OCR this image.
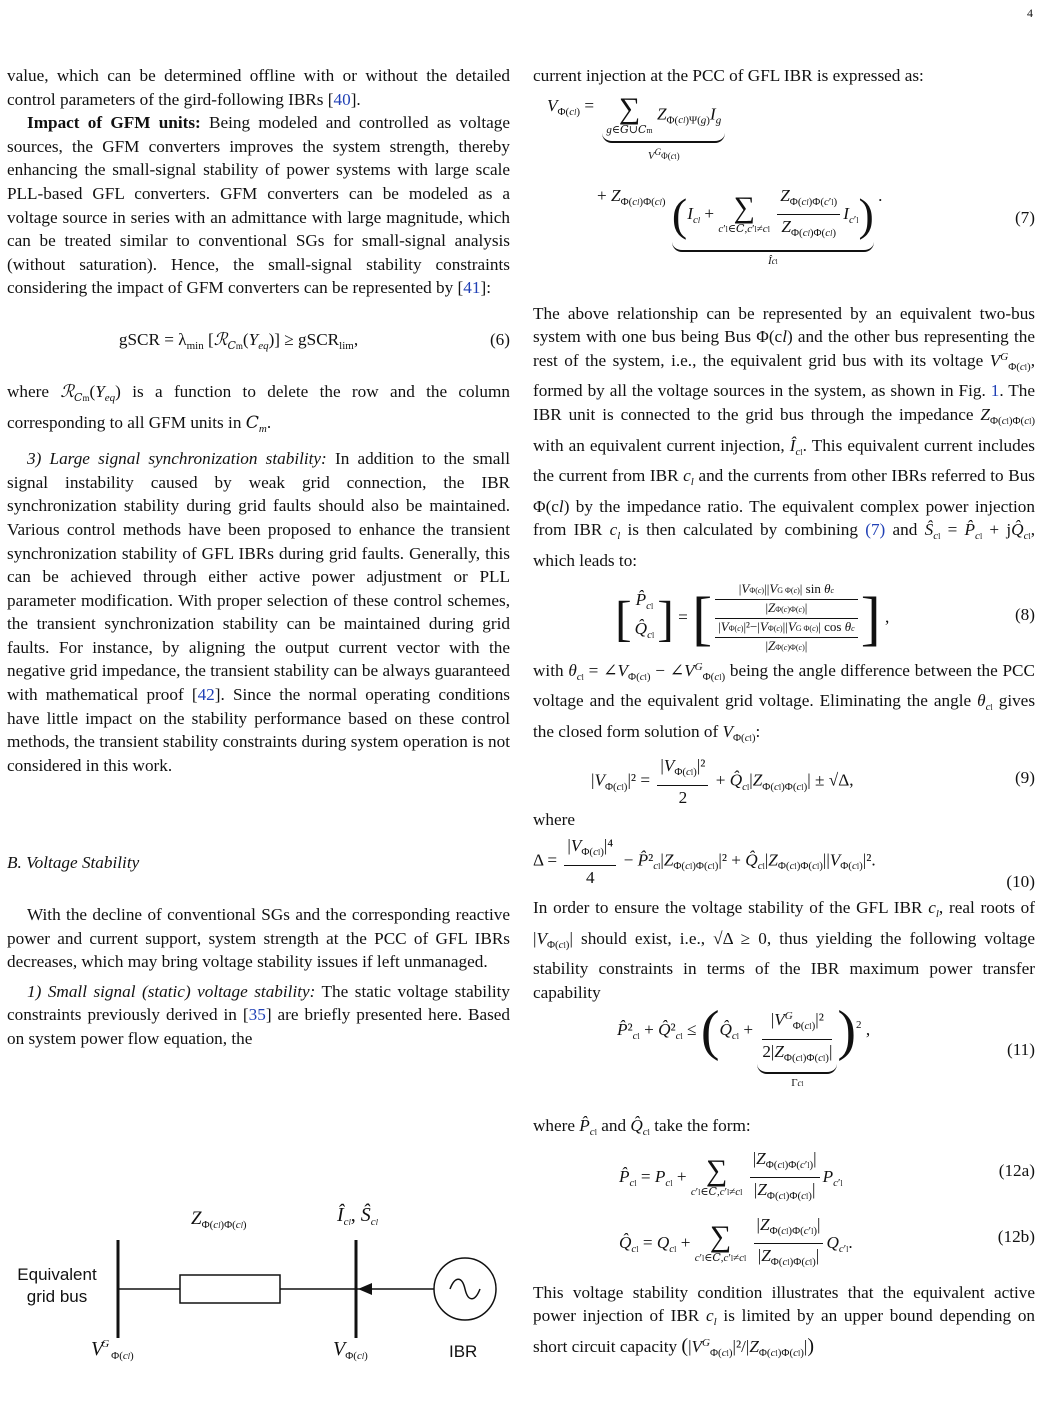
4

value, which can be determined offline with or without the detailed control parameters of the gird-following IBRs [40].

Impact of GFM units: Being modeled and controlled as voltage sources, the GFM converters improves the system strength, thereby enhancing the small-signal stability of power systems with large scale PLL-based GFL converters. GFM converters can be modeled as a voltage source in series with an admittance with large magnitude, which can be treated similar to conventional SGs for small-signal analysis (without saturation). Hence, the small-signal stability constraints considering the impact of GFM converters can be represented by [41]:

gSCR = $\lambda_{min}$ $[ℛ_{Cm}(Y_{eq})]$ ≥ gSCR$_{lim}$,	(6)

where $ℛ_{Cm}(Y_{eq})$ is a function to delete the row and the column corresponding to all GFM units in $C_m$.

3) Large signal synchronization stability: In addition to the small signal instability caused by weak grid connection, the IBR synchronization stability during grid faults should also be maintained. Various control methods have been proposed to enhance the transient synchronization stability of GFL IBRs during grid faults. Generally, this can be achieved through either active power adjustment or PLL parameter modification. With proper selection of these control schemes, the transient synchronization stability can be maintained during grid faults. For instance, by aligning the output current vector with the negative grid impedance, the transient stability can be always guaranteed with mathematical proof [42]. Since the normal operating conditions have little impact on the stability performance based on these control methods, the transient stability constraints during system operation is not considered in this work.

B. Voltage Stability

With the decline of conventional SGs and the corresponding reactive power and current support, system strength at the PCC of GFL IBRs decreases, which may bring voltage stability issues if left unmanaged.

1) Small signal (static) voltage stability: The static voltage stability constraints previously derived in [35] are briefly presented here. Based on system power flow equation, the

$Z_{\Phi(cl)\Phi(cl)}$	$Î_{cl}$, $Ŝ_{cl}$
Equivalent
grid bus
$V_{G\Phi(cl)}$	$V_{\Phi(cl)}$	IBR

current injection at the PCC of GFL IBR is expressed as:

$V_{\Phi(cl)}$ = ∑
g∈G∪Cm
$Z_{\Phi(cl)\Psi(g)}I_g$
$V^G\Phi(cl)$
+ $Z_{\Phi(cl)\Phi(cl)}$ ($I_{cl}$ + ∑
c′l∈C,c′l≠cl
$\frac{Z_{\Phi(cl)\Phi(c'l)}}{Z_{\Phi(cl)\Phi(cl)}} I_{c'l}$)
Îcl
.
(7)

The above relationship can be represented by an equivalent two-bus system with one bus being Bus Φ(cl) and the other bus representing the rest of the system, i.e., the equivalent grid bus with its voltage $V_{G\Phi(cl)}$, formed by all the voltage sources in the system, as shown in Fig. 1. The IBR unit is connected to the grid bus through the impedance $Z_{\Phi(cl)\Phi(cl)}$ with an equivalent current injection, $Î_{cl}$. This equivalent current includes the current from IBR $c_l$ and the currents from other IBRs referred to Bus Φ(cl) by the impedance ratio. The equivalent complex power injection from IBR $c_l$ is then calculated by combining (7) and $Ŝ_{cl}$ = $P̂_{cl}$ + $jQ̂_{cl}$, which leads to:

[ $P̂_{cl}$
$Q̂_{cl}$ ] = [	|VΦ(c)||VG Φ(c)| sin θc
|ZΦ(c)Φ(c)|
|VΦ(c)|²−|VΦ(c)||VG Φ(c)| cos θc
|ZΦ(c)Φ(c)| ] ,	(8)

with $\theta_{cl}$ = $\angle V_{\Phi(cl)}$ − $\angle V_{G\Phi(cl)}$ being the angle difference between the PCC voltage and the equivalent grid voltage. Eliminating the angle $\theta_{cl}$ gives the closed form solution of $V_{\Phi(cl)}$:

$|V_{\Phi(cl)}|^2 = \frac{|V_{\Phi(cl)}|^2}{2}$ + $Q̂_{cl}|Z_{\Phi(cl)\Phi(cl)}| \pm √\Delta$,	(9)

where

$\Delta = \frac{|V_{\Phi(cl)}|^4}{4}$ − $P̂^2_{cl}|Z_{\Phi(cl)\Phi(cl)}|^2$ + $Q̂_{cl}|Z_{\Phi(cl)\Phi(cl)}||V_{\Phi(cl)}|^2$.
(10)

In order to ensure the voltage stability of the GFL IBR $c_l$, real roots of $|V_{\Phi(cl)}|$ should exist, i.e., √Δ ≥ 0, thus yielding the following voltage stability constraints in terms of the IBR maximum power transfer capability

$P̂^2_{cl}$ + $Q̂^2_{cl}$ ≤ ($Q̂_{cl} + \frac{|V_{G\Phi(cl)}|^2}{2|Z_{\Phi(cl)\Phi(cl)}|}$
Γcl
)$^2$ ,
(11)

where $P̂_{cl}$ and $Q̂_{cl}$ take the form:

$P̂_{cl} = P_{cl}$ + ∑
c′l∈C,c′l≠cl
$\frac{|Z_{\Phi(cl)\Phi(c'l)}|}{|Z_{\Phi(cl)\Phi(cl)}|} P_{c'l}$
(12a)
$Q̂_{cl} = Q_{cl}$ + ∑
c′l∈C,c′l≠cl
$\frac{|Z_{\Phi(cl)\Phi(c'l)}|}{|Z_{\Phi(cl)\Phi(cl)}|} Q_{c'l}$.	(12b)

This voltage stability condition illustrates that the equivalent active power injection of IBR $c_l$ is limited by an upper bound depending on short circuit capacity $(|V_{G\Phi(cl)}|^2/|Z_{\Phi(cl)\Phi(cl)}|)$
